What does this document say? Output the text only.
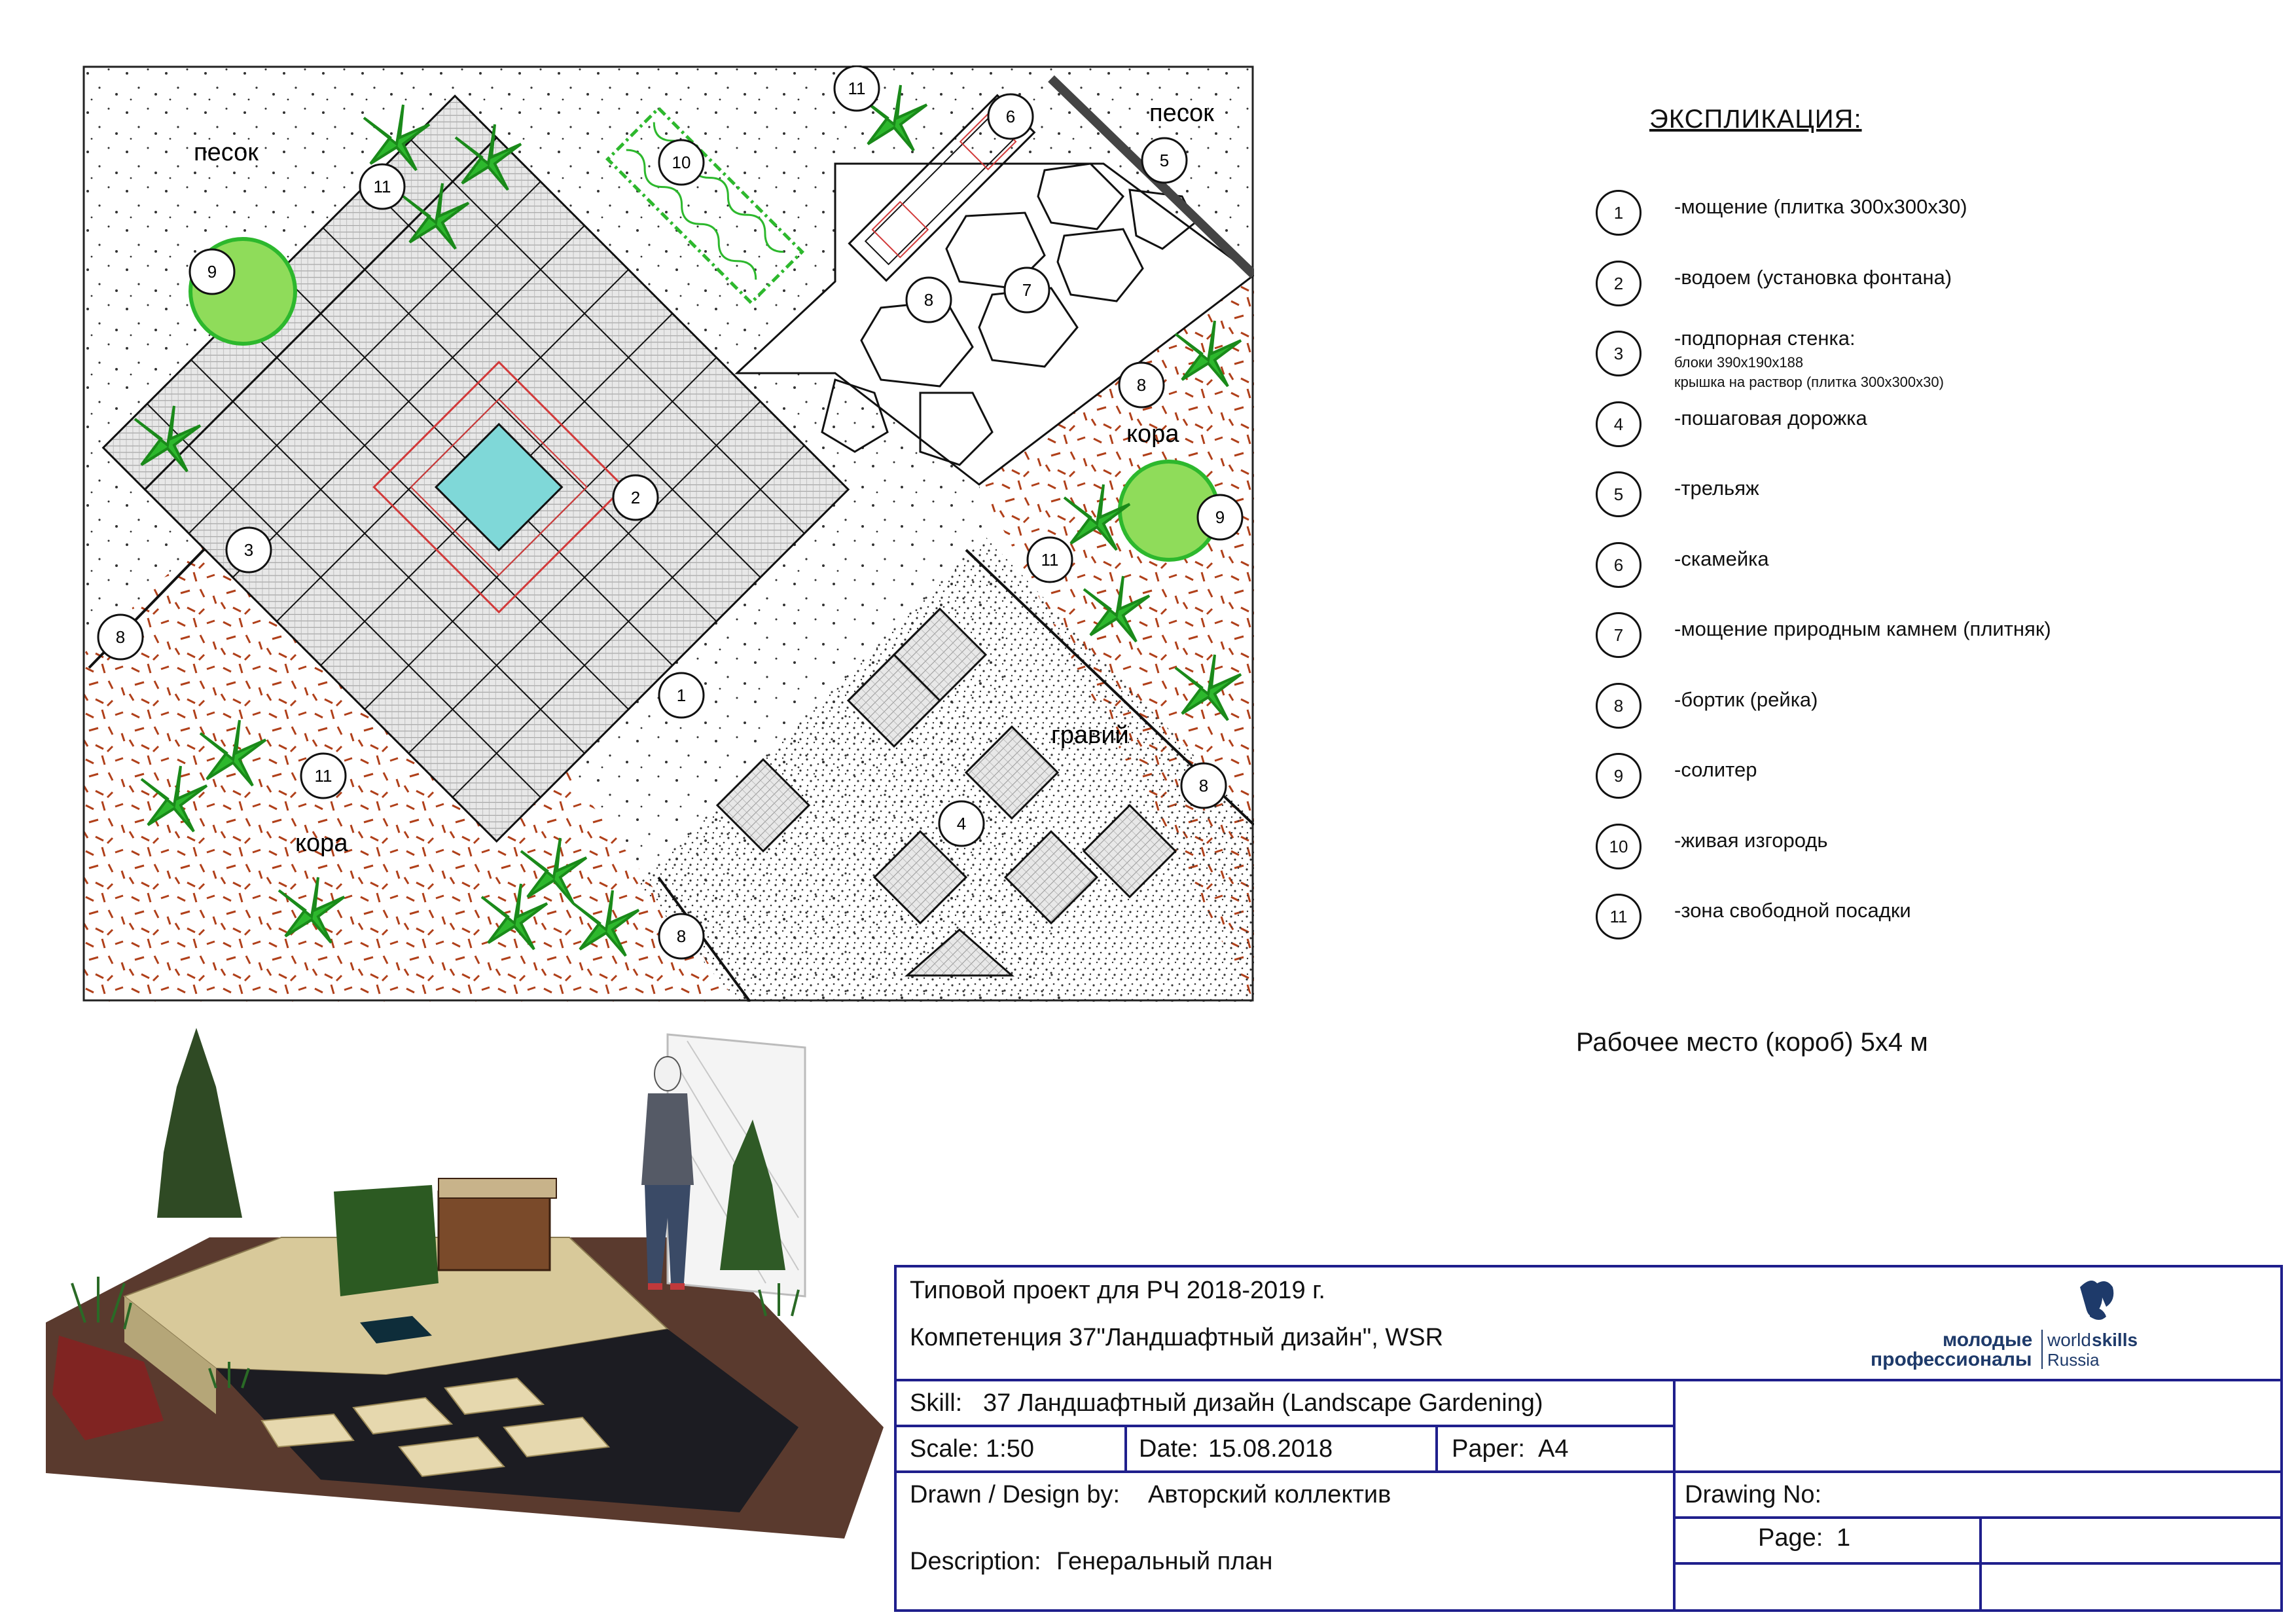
песок
песок
кора
кора
гравий
1
2
3
4
5
6
7
8
8
8
8
8
9
9
10
11
11
11
11
ЭКСПЛИКАЦИЯ:
1	-мощение (плитка 300х300х30)
2	-водоем (установка фонтана)
3
-подпорная стенка:
блоки 390х190х188
крышка на раствор (плитка 300х300х30)
4	-пошаговая дорожка
5	-трельяж
6	-скамейка
7	-мощение природным камнем (плитняк)
8	-бортик (рейка)
9	-солитер
10	-живая изгородь
11	-зона свободной посадки
Рабочее место (короб) 5х4 м
Типовой проект для РЧ 2018-2019 г.
Компетенция 37"Ландшафтный дизайн", WSR
Skill: 37 Ландшафтный дизайн (Landscape Gardening)
Scale: 1:50	Date: 15.08.2018	Paper: A4
Drawn / Design by: Авторский коллектив	Drawing No:
Description: Генеральный план
Page: 1
молодые
профессионалы
world skills
Russia
